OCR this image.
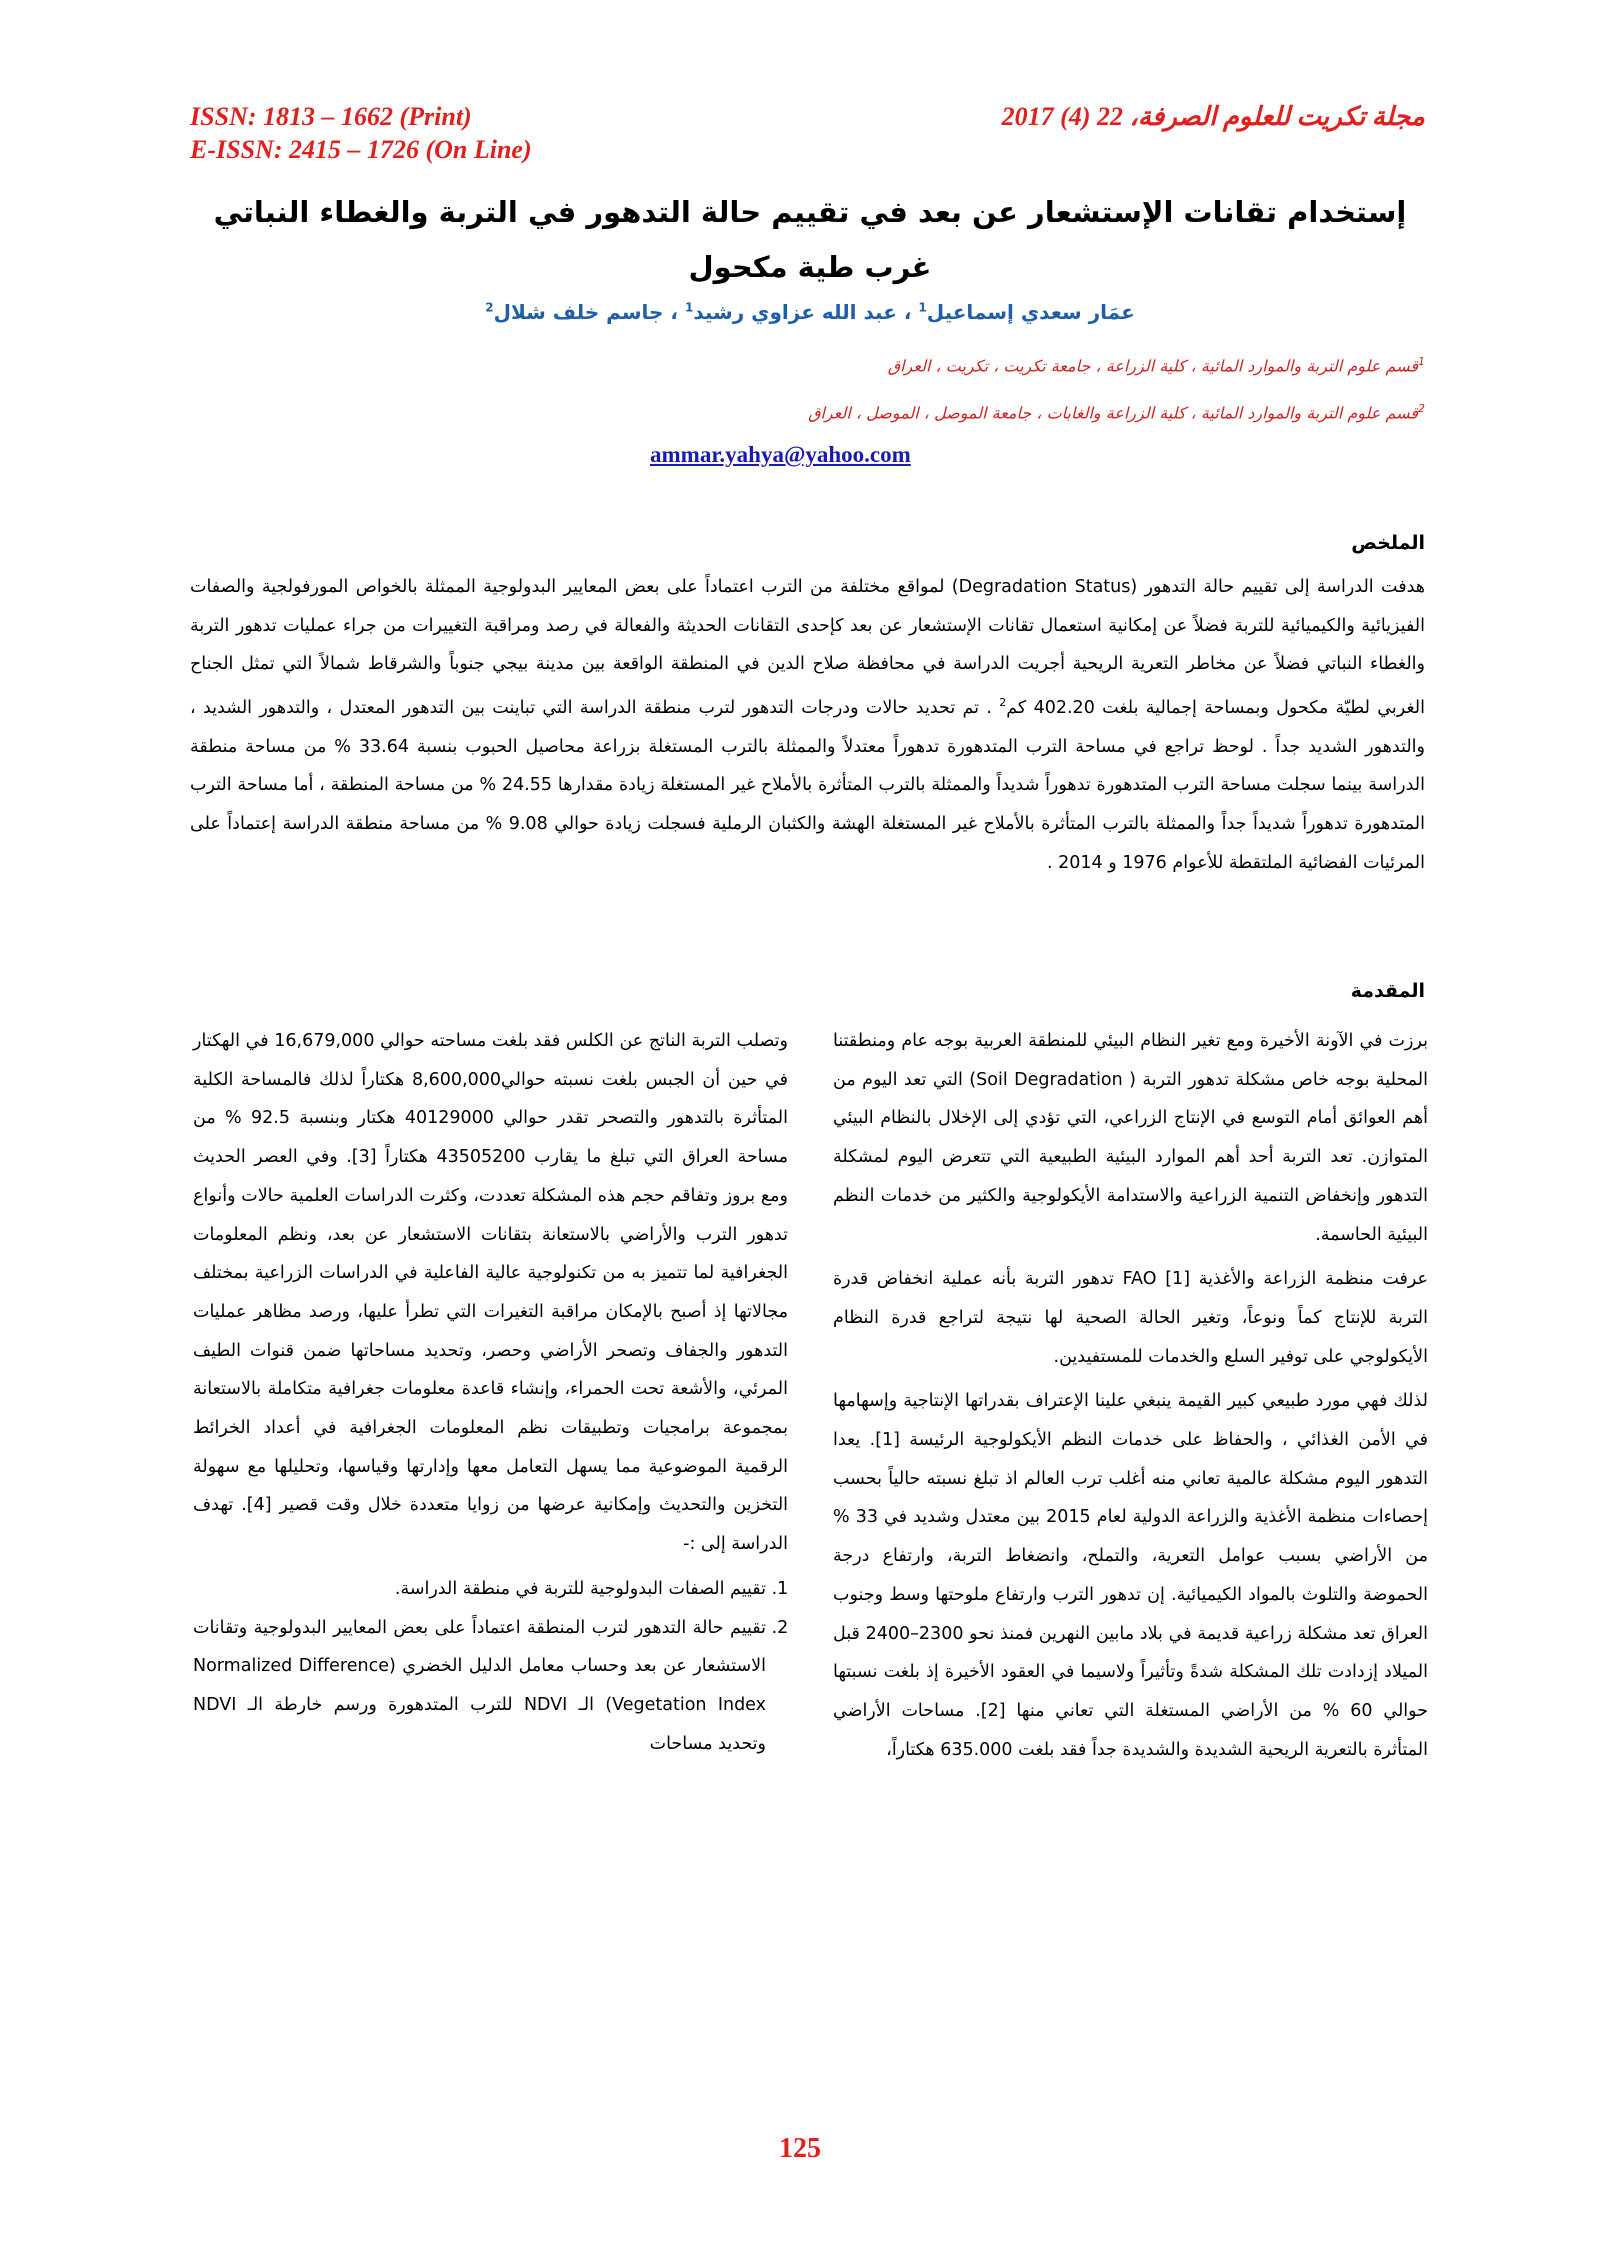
ISSN: 1813 – 1662 (Print)
E-ISSN: 2415 – 1726 (On Line)
مجلة تكريت للعلوم الصرفة، 22 (4) 2017
إستخدام تقانات الإستشعار عن بعد في تقييم حالة التدهور في التربة والغطاء النباتي
غرب طية مكحول
عمَار سعدي إسماعيل$^1$ ، عبد الله عزاوي رشيد$^1$ ، جاسم خلف شلال$^2$
$^1$قسم علوم التربة والموارد المائية ، كلية الزراعة ، جامعة تكريت ، تكريت ، العراق
$^2$قسم علوم التربة والموارد المائية ، كلية الزراعة والغابات ، جامعة الموصل ، الموصل ، العراق
ammar.yahya@yahoo.com
الملخص
هدفت الدراسة إلى تقييم حالة التدهور (Degradation Status) لمواقع مختلفة من الترب اعتماداً على بعض المعايير البدولوجية الممثلة بالخواص المورفولجية والصفات الفيزيائية والكيميائية للتربة فضلاً عن إمكانية استعمال تقانات الإستشعار عن بعد كإحدى التقانات الحديثة والفعالة في رصد ومراقبة التغييرات من جراء عمليات تدهور التربة والغطاء النباتي فضلاً عن مخاطر التعرية الريحية أجريت الدراسة في محافظة صلاح الدين في المنطقة الواقعة بين مدينة بيجي جنوباً والشرقاط شمالاً التي تمثل الجناح الغربي لطيّة مكحول وبمساحة إجمالية بلغت 402.20 كم$^2$ . تم تحديد حالات ودرجات التدهور لترب منطقة الدراسة التي تباينت بين التدهور المعتدل ، والتدهور الشديد ، والتدهور الشديد جداً . لوحظ تراجع في مساحة الترب المتدهورة تدهوراً معتدلاً والممثلة بالترب المستغلة بزراعة محاصيل الحبوب بنسبة 33.64 % من مساحة منطقة الدراسة بينما سجلت مساحة الترب المتدهورة تدهوراً شديداً والممثلة بالترب المتأثرة بالأملاح غير المستغلة زيادة مقدارها 24.55 % من مساحة المنطقة ، أما مساحة الترب المتدهورة تدهوراً شديداً جداً والممثلة بالترب المتأثرة بالأملاح غير المستغلة الهشة والكثبان الرملية فسجلت زيادة حوالي 9.08 % من مساحة منطقة الدراسة إعتماداً على المرئيات الفضائية الملتقطة للأعوام 1976 و 2014 .
المقدمة

برزت في الآونة الأخيرة ومع تغير النظام البيئي للمنطقة العربية بوجه عام ومنطقتنا المحلية بوجه خاص مشكلة تدهور التربة ( Soil Degradation) التي تعد اليوم من أهم العوائق أمام التوسع في الإنتاج الزراعي، التي تؤدي إلى الإخلال بالنظام البيئي المتوازن. تعد التربة أحد أهم الموارد البيئية الطبيعية التي تتعرض اليوم لمشكلة التدهور وإنخفاض التنمية الزراعية والاستدامة الأيكولوجية والكثير من خدمات النظم البيئية الحاسمة.

عرفت منظمة الزراعة والأغذية FAO [1] تدهور التربة بأنه عملية انخفاض قدرة التربة للإنتاج كماً ونوعاً، وتغير الحالة الصحية لها نتيجة لتراجع قدرة النظام الأيكولوجي على توفير السلع والخدمات للمستفيدين.

لذلك فهي مورد طبيعي كبير القيمة ينبغي علينا الإعتراف بقدراتها الإنتاجية وإسهامها في الأمن الغذائي ، والحفاظ على خدمات النظم الأيكولوجية الرئيسة [1]. يعدا التدهور اليوم مشكلة عالمية تعاني منه أغلب ترب العالم اذ تبلغ نسبته حالياً بحسب إحصاءات منظمة الأغذية والزراعة الدولية لعام 2015 بين معتدل وشديد في 33 % من الأراضي بسبب عوامل التعرية، والتملح، وانضغاط التربة، وارتفاع درجة الحموضة والتلوث بالمواد الكيميائية. إن تدهور الترب وارتفاع ملوحتها وسط وجنوب العراق تعد مشكلة زراعية قديمة في بلاد مابين النهرين فمنذ نحو 2300–2400 قبل الميلاد إزدادت تلك المشكلة شدةً وتأثيراً ولاسيما في العقود الأخيرة إذ بلغت نسبتها حوالي 60 % من الأراضي المستغلة التي تعاني منها [2]. مساحات الأراضي المتأثرة بالتعرية الريحية الشديدة والشديدة جداً فقد بلغت 635.000 هكتاراً،

وتصلب التربة الناتج عن الكلس فقد بلغت مساحته حوالي 16,679,000 في الهكتار في حين أن الجبس بلغت نسبته حوالي8,600,000 هكتاراً لذلك فالمساحة الكلية المتأثرة بالتدهور والتصحر تقدر حوالي 40129000 هكتار وبنسبة 92.5 % من مساحة العراق التي تبلغ ما يقارب 43505200 هكتاراً [3]. وفي العصر الحديث ومع بروز وتفاقم حجم هذه المشكلة تعددت، وكثرت الدراسات العلمية حالات وأنواع تدهور الترب والأراضي بالاستعانة بتقانات الاستشعار عن بعد، ونظم المعلومات الجغرافية لما تتميز به من تكنولوجية عالية الفاعلية في الدراسات الزراعية بمختلف مجالاتها إذ أصبح بالإمكان مراقبة التغيرات التي تطرأ عليها، ورصد مظاهر عمليات التدهور والجفاف وتصحر الأراضي وحصر، وتحديد مساحاتها ضمن قنوات الطيف المرئي، والأشعة تحت الحمراء، وإنشاء قاعدة معلومات جغرافية متكاملة بالاستعانة بمجموعة برامجيات وتطبيقات نظم المعلومات الجغرافية في أعداد الخرائط الرقمية الموضوعية مما يسهل التعامل معها وإدارتها وقياسها، وتحليلها مع سهولة التخزين والتحديث وإمكانية عرضها من زوايا متعددة خلال وقت قصير [4]. تهدف الدراسة إلى :-

1. تقييم الصفات البدولوجية للتربة في منطقة الدراسة.
2. تقييم حالة التدهور لترب المنطقة اعتماداً على بعض المعايير البدولوجية وتقانات الاستشعار عن بعد وحساب معامل الدليل الخضري (Normalized Difference Vegetation Index) الـ NDVI للترب المتدهورة ورسم خارطة الـ NDVI وتحديد مساحات
125
